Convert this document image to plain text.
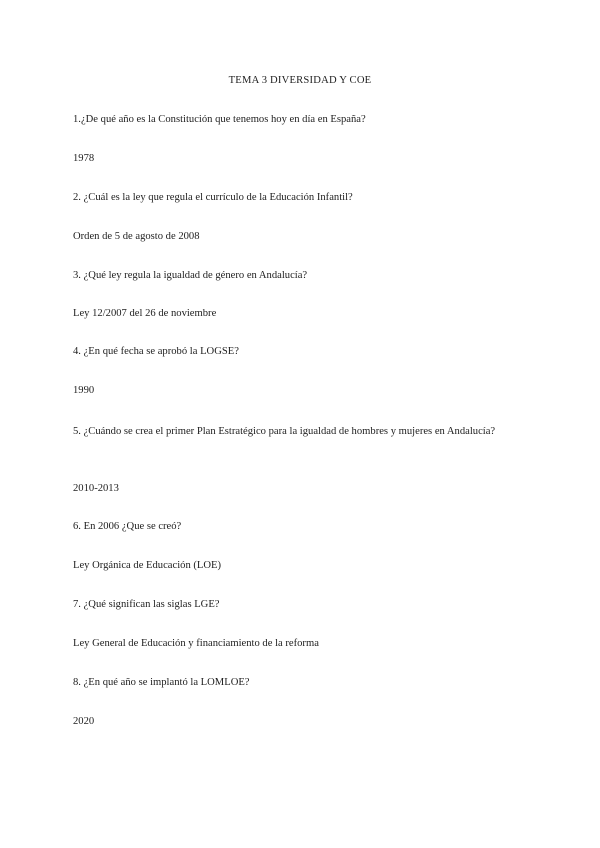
TEMA 3 DIVERSIDAD Y COE
1.¿De qué año es la Constitución que tenemos hoy en día en España?
1978
2. ¿Cuál es la ley que regula el currículo de la Educación Infantil?
Orden de 5 de agosto de 2008
3. ¿Qué ley regula la igualdad de género en Andalucía?
Ley 12/2007 del 26 de noviembre
4. ¿En qué fecha se aprobó la LOGSE?
1990
5. ¿Cuándo se crea el primer Plan Estratégico para la igualdad de hombres y mujeres en Andalucía?
2010-2013
6. En 2006 ¿Que se creó?
Ley Orgánica de Educación (LOE)
7. ¿Qué significan las siglas LGE?
Ley General de Educación y financiamiento de la reforma
8. ¿En qué año se implantó la LOMLOE?
2020
